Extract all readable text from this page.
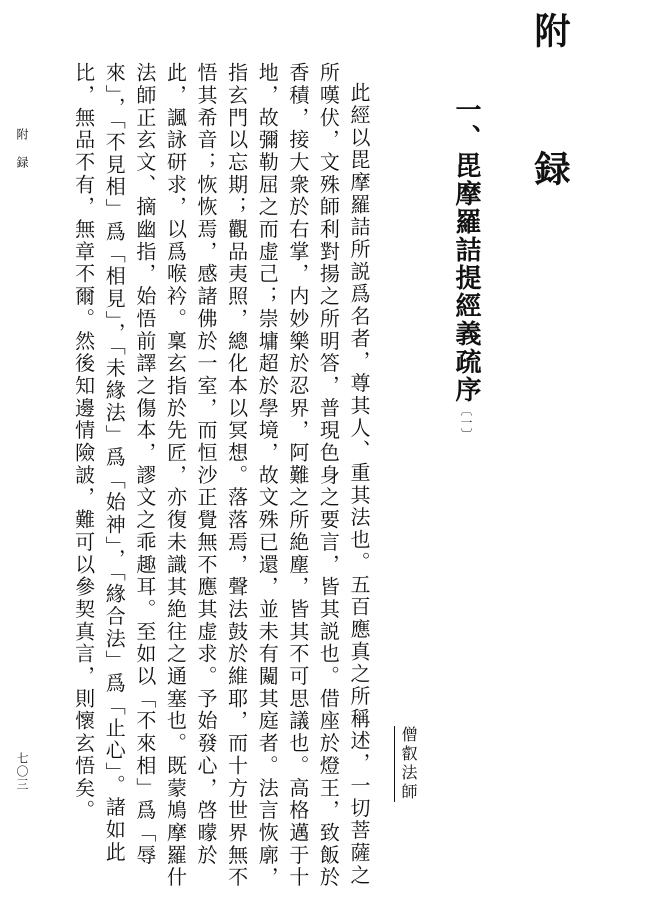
附 録
一、毘摩羅詰提經義疏序〔一〕
僧叡法師

此經以毘摩羅詰所説爲名者，尊其人、重其法也。五百應真之所稱述，一切菩薩之所嘆伏，文殊師利對揚之所明答，普現色身之要言，皆其説也。借座於燈王，致飯於香積，接大衆於右掌，内妙樂於忍界，阿難之所絶塵，皆其不可思議也。高格邁于十地，故彌勒屈之而虚己；崇墉超於學境，故文殊已還，並未有闚其庭者。法言恢廓，指玄門以忘期；觀品夷照，總化本以冥想。落落焉，聲法鼓於維耶，而十方世界無不悟其希音；恢恢焉，感諸佛於一室，而恒沙正覺無不應其虚求。予始發心，啓曚於此，諷詠研求，以爲喉衿。稟玄指於先匠，亦復未識其絶往之通塞也。既蒙鳩摩羅什法師正玄文、摘幽指，始悟前譯之傷本，謬文之乖趣耳。至如以「不來相」爲「辱來」，「不見相」爲「相見」，「未緣法」爲「始神」，「緣合法」爲「止心」。諸如此比，無品不有，無章不爾。然後知邊情險詖，難可以參契真言，則懷玄悟矣。

附録
七〇三
